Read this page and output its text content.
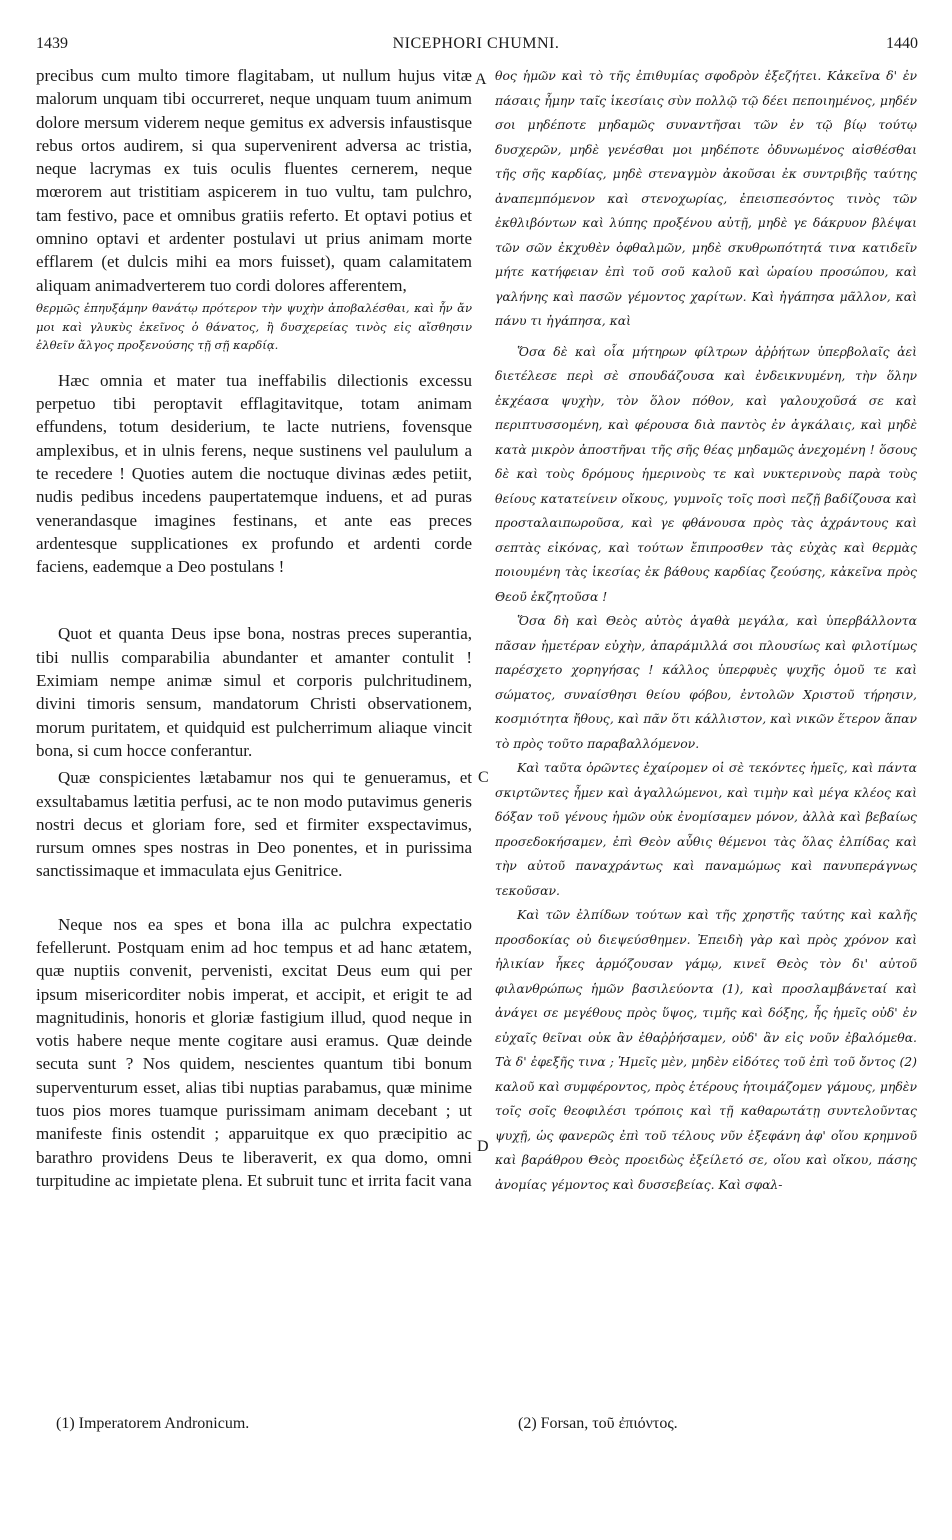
1439	NICEPHORI CHUMNI.	1440
A
C
D

precibus cum multo timore flagitabam, ut nullum hujus vitæ malorum unquam tibi occurreret, neque unquam tuum animum dolore mersum viderem neque gemitus ex adversis infaustisque rebus ortos audirem, si qua supervenirent adversa ac tristia, neque lacrymas ex tuis oculis fluentes cernerem, neque mœrorem aut tristitiam aspicerem in tuo vultu, tam pulchro, tam festivo, pace et omnibus gratiis referto. Et optavi potius et omnino optavi et ardenter postulavi ut prius animam morte efflarem (et dulcis mihi ea mors fuisset), quam calamitatem aliquam animadverterem tuo cordi dolores afferentem,

θερμῶς ἐπηυξάμην θανάτῳ πρότερον τὴν ψυχὴν ἀποβαλέσθαι, καὶ ἦν ἄν μοι καὶ γλυκὺς ἐκεῖνος ὁ θάνατος, ἢ δυσχερείας τινὸς εἰς αἴσθησιν ἐλθεῖν ἄλγος προξενούσης τῇ σῇ καρδίᾳ.

Hæc omnia et mater tua ineffabilis dilectionis excessu perpetuo tibi peroptavit efflagitavitque, totam animam effundens, totum desiderium, te lacte nutriens, fovensque amplexibus, et in ulnis ferens, neque sustinens vel paululum a te recedere ! Quoties autem die noctuque divinas ædes petiit, nudis pedibus incedens paupertatemque induens, et ad puras venerandasque imagines festinans, et ante eas preces ardentesque supplicationes ex profundo et ardenti corde faciens, eademque a Deo postulans !

Quot et quanta Deus ipse bona, nostras preces superantia, tibi nullis comparabilia abundanter et amanter contulit ! Eximiam nempe animæ simul et corporis pulchritudinem, divini timoris sensum, mandatorum Christi observationem, morum puritatem, et quidquid est pulcherrimum aliaque vincit bona, si cum hocce conferantur.

Quæ conspicientes lætabamur nos qui te genueramus, et exsultabamus lætitia perfusi, ac te non modo putavimus generis nostri decus et gloriam fore, sed et firmiter exspectavimus, rursum omnes spes nostras in Deo ponentes, et in purissima sanctissimaque et immaculata ejus Genitrice.

Neque nos ea spes et bona illa ac pulchra expectatio fefellerunt. Postquam enim ad hoc tempus et ad hanc ætatem, quæ nuptiis convenit, pervenisti, excitat Deus eum qui per ipsum misericorditer nobis imperat, et accipit, et erigit te ad magnitudinis, honoris et gloriæ fastigium illud, quod neque in votis habere neque mente cogitare ausi eramus. Quæ deinde secuta sunt ? Nos quidem, nescientes quantum tibi bonum superventurum esset, alias tibi nuptias parabamus, quæ minime tuos pios mores tuamque purissimam animam decebant ; ut manifeste finis ostendit ; apparuitque ex quo præcipitio ac barathro providens Deus te liberaverit, ex qua domo, omni turpitudine ac impietate plena. Et subruit tunc et irrita facit vana

θος ἡμῶν καὶ τὸ τῆς ἐπιθυμίας σφοδρὸν ἐξεζήτει. Κἀκεῖνα δ' ἐν πάσαις ἦμην ταῖς ἱκεσίαις σὺν πολλῷ τῷ δέει πεποιημένος, μηδέν σοι μηδέποτε μηδαμῶς συναντῆσαι τῶν ἐν τῷ βίῳ τούτῳ δυσχερῶν, μηδὲ γενέσθαι μοι μηδέποτε ὀδυνωμένος αἰσθέσθαι τῆς σῆς καρδίας, μηδὲ στεναγμὸν ἀκοῦσαι ἐκ συντριβῆς ταύτης ἀναπεμπόμενον καὶ στενοχωρίας, ἐπεισπεσόντος τινὸς τῶν ἐκθλιβόντων καὶ λύπης προξένου αὐτῇ, μηδὲ γε δάκρυον βλέψαι τῶν σῶν ἐκχυθὲν ὀφθαλμῶν, μηδὲ σκυθρωπότητά τινα κατιδεῖν μήτε κατήφειαν ἐπὶ τοῦ σοῦ καλοῦ καὶ ὡραίου προσώπου, καὶ γαλήνης καὶ πασῶν γέμοντος χαρίτων. Καὶ ἠγάπησα μᾶλλον, καὶ πάνυ τι ἠγάπησα, καὶ

Ὅσα δὲ καὶ οἷα μήτηρων φίλτρων ἀῤῥήτων ὑπερβολαῖς ἀεὶ διετέλεσε περὶ σὲ σπουδάζουσα καὶ ἐνδεικνυμένη, τὴν ὅλην ἐκχέασα ψυχὴν, τὸν ὅλον πόθον, καὶ γαλουχοῦσά σε καὶ περιπτυσσομένη, καὶ φέρουσα διὰ παντὸς ἐν ἀγκάλαις, καὶ μηδὲ κατὰ μικρὸν ἀποστῆναι τῆς σῆς θέας μηδαμῶς ἀνεχομένη ! ὅσους δὲ καὶ τοὺς δρόμους ἡμερινοὺς τε καὶ νυκτερινοὺς παρὰ τοὺς θείους κατατείνειν οἴκους, γυμνοῖς τοῖς ποσὶ πεζῇ βαδίζουσα καὶ προσταλαιπωροῦσα, καὶ γε φθάνουσα πρὸς τὰς ἀχράντους καὶ σεπτὰς εἰκόνας, καὶ τούτων ἔπιπροσθεν τὰς εὐχὰς καὶ θερμὰς ποιουμένη τὰς ἱκεσίας ἐκ βάθους καρδίας ζεούσης, κἀκεῖνα πρὸς Θεοῦ ἐκζητοῦσα !

Ὅσα δὴ καὶ Θεὸς αὐτὸς ἀγαθὰ μεγάλα, καὶ ὑπερβάλλοντα πᾶσαν ἡμετέραν εὐχὴν, ἀπαράμιλλά σοι πλουσίως καὶ φιλοτίμως παρέσχετο χορηγήσας ! κάλλος ὑπερφυὲς ψυχῆς ὁμοῦ τε καὶ σώματος, συναίσθησι θείου φόβου, ἐντολῶν Χριστοῦ τήρησιν, κοσμιότητα ἤθους, καὶ πᾶν ὅτι κάλλιστον, καὶ νικῶν ἕτερον ἅπαν τὸ πρὸς τοῦτο παραβαλλόμενον.

Καὶ ταῦτα ὁρῶντες ἐχαίρομεν οἱ σὲ τεκόντες ἡμεῖς, καὶ πάντα σκιρτῶντες ἦμεν καὶ ἀγαλλώμενοι, καὶ τιμὴν καὶ μέγα κλέος καὶ δόξαν τοῦ γένους ἡμῶν οὐκ ἐνομίσαμεν μόνον, ἀλλὰ καὶ βεβαίως προσεδοκήσαμεν, ἐπὶ Θεὸν αὖθις θέμενοι τὰς ὅλας ἐλπίδας καὶ τὴν αὐτοῦ παναχράντως καὶ παναμώμως καὶ πανυπεράγνως τεκοῦσαν.

Καὶ τῶν ἐλπίδων τούτων καὶ τῆς χρηστῆς ταύτης καὶ καλῆς προσδοκίας οὐ διεψεύσθημεν. Ἐπειδὴ γὰρ καὶ πρὸς χρόνον καὶ ἡλικίαν ἧκες ἁρμόζουσαν γάμῳ, κινεῖ Θεὸς τὸν δι' αὐτοῦ φιλανθρώπως ἡμῶν βασιλεύοντα (1), καὶ προσλαμβάνεταί καὶ ἀνάγει σε μεγέθους πρὸς ὕψος, τιμῆς καὶ δόξης, ἧς ἡμεῖς οὐδ' ἐν εὐχαῖς θεῖναι οὐκ ἂν ἐθαῤῥήσαμεν, οὐδ' ἂν εἰς νοῦν ἐβαλόμεθα. Τὰ δ' ἐφεξῆς τινα ; Ἡμεῖς μὲν, μηδὲν εἰδότες τοῦ ἐπὶ τοῦ ὄντος (2) καλοῦ καὶ συμφέροντος, πρὸς ἑτέρους ἡτοιμάζομεν γάμους, μηδὲν τοῖς σοῖς θεοφιλέσι τρόποις καὶ τῇ καθαρωτάτῃ συντελοῦντας ψυχῇ, ὡς φανερῶς ἐπὶ τοῦ τέλους νῦν ἐξεφάνη ἀφ' οἵου κρημνοῦ καὶ βαράθρου Θεὸς προειδὼς ἐξείλετό σε, οἵου καὶ οἴκου, πάσης ἀνομίας γέμοντος καὶ δυσσεβείας. Καὶ σφαλ-

(1) Imperatorem Andronicum.	(2) Forsan, τοῦ ἐπιόντος.
